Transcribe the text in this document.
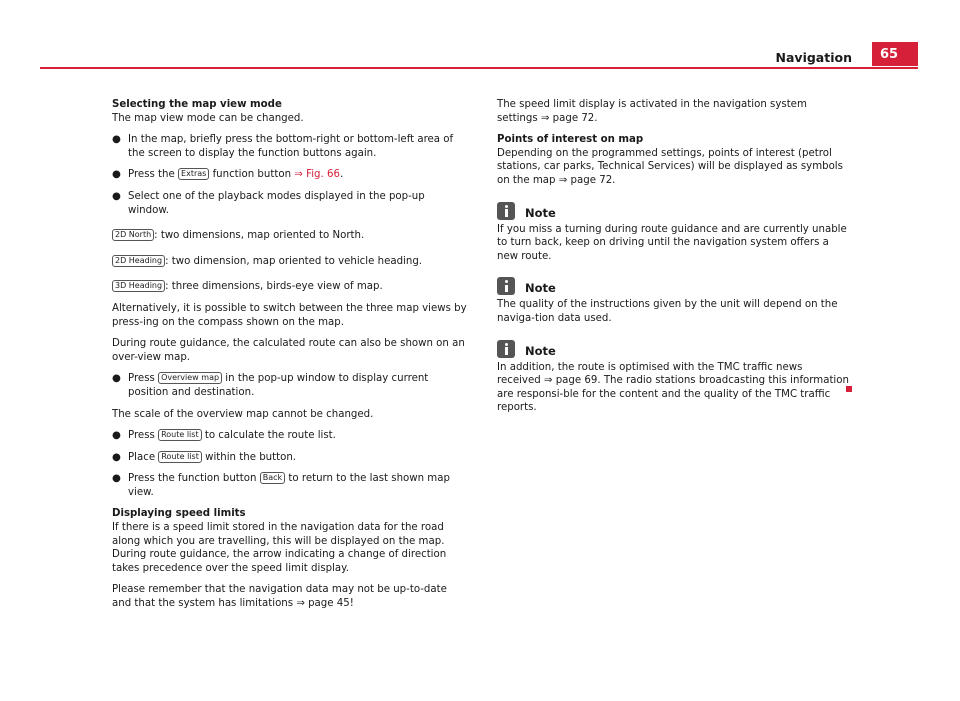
Navigation	65

Selecting the map view mode

The map view mode can be changed.

● In the map, briefly press the bottom-right or bottom-left area of the screen to display the function buttons again.

● Press the Extras function button ⇒ Fig. 66.

● Select one of the playback modes displayed in the pop-up window.

2D North : two dimensions, map oriented to North.

2D Heading : two dimension, map oriented to vehicle heading.

3D Heading : three dimensions, birds-eye view of map.

Alternatively, it is possible to switch between the three map views by press-ing on the compass shown on the map.

During route guidance, the calculated route can also be shown on an over-view map.

● Press Overview map in the pop-up window to display current position and destination.

The scale of the overview map cannot be changed.

● Press Route list to calculate the route list.

● Place Route list within the button.

● Press the function button Back to return to the last shown map view.

Displaying speed limits

If there is a speed limit stored in the navigation data for the road along which you are travelling, this will be displayed on the map. During route guidance, the arrow indicating a change of direction takes precedence over the speed limit display.

Please remember that the navigation data may not be up-to-date and that the system has limitations ⇒ page 45!

The speed limit display is activated in the navigation system settings ⇒ page 72.

Points of interest on map

Depending on the programmed settings, points of interest (petrol stations, car parks, Technical Services) will be displayed as symbols on the map ⇒ page 72.

Note

If you miss a turning during route guidance and are currently unable to turn back, keep on driving until the navigation system offers a new route.

Note

The quality of the instructions given by the unit will depend on the naviga-tion data used.

Note

In addition, the route is optimised with the TMC traffic news received ⇒ page 69. The radio stations broadcasting this information are responsi-ble for the content and the quality of the TMC traffic reports.
